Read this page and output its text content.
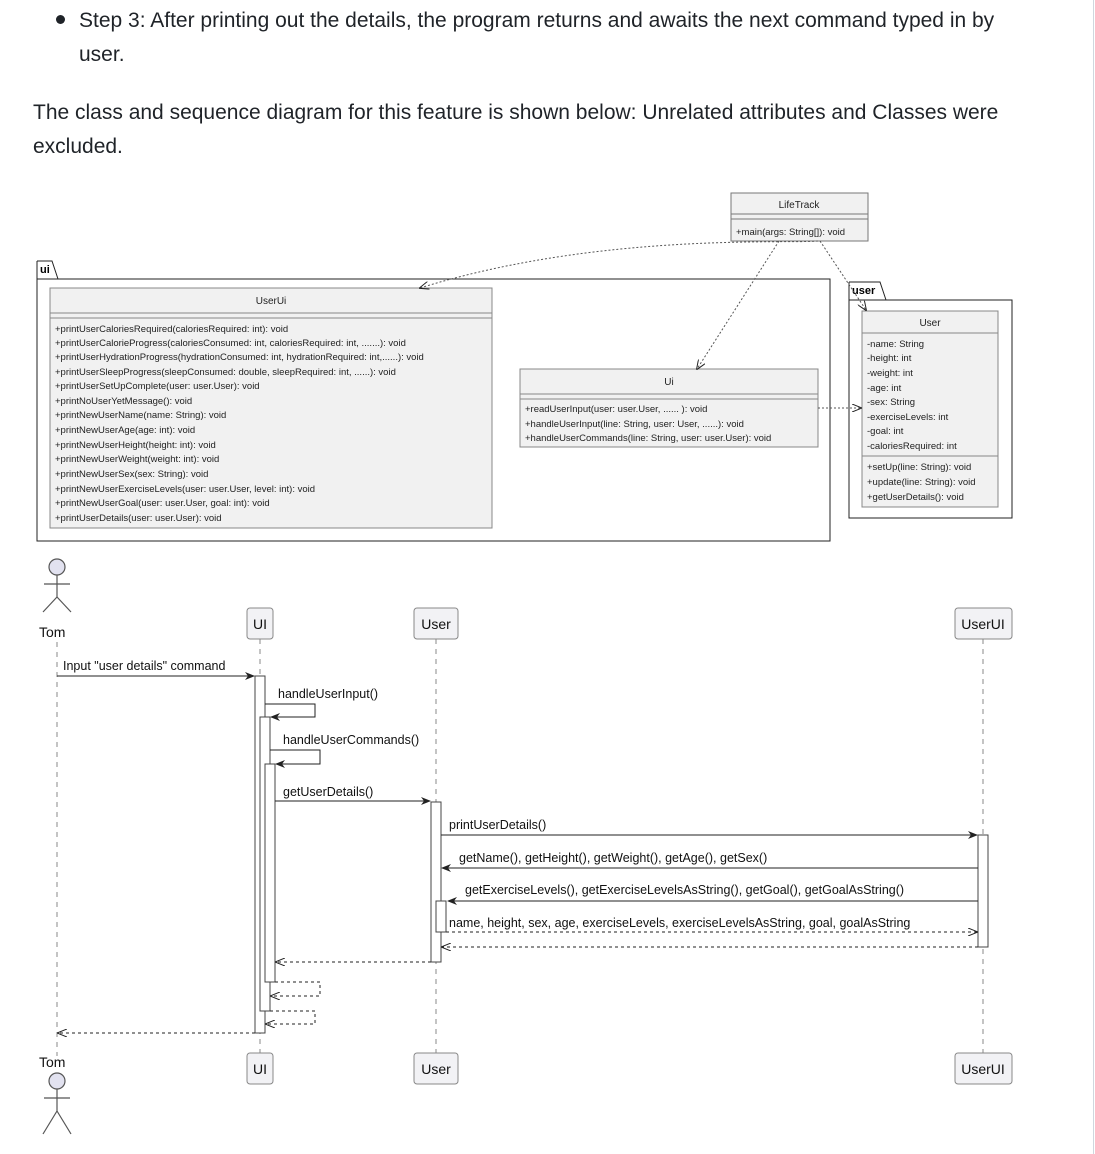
Step 3: After printing out the details, the program returns and awaits the next command typed in by user.
The class and sequence diagram for this feature is shown below: Unrelated attributes and Classes were excluded.
LifeTrack
+main(args: String[]): void
ui
UserUi
+printUserCaloriesRequired(caloriesRequired: int): void
+printUserCalorieProgress(caloriesConsumed: int, caloriesRequired: int, .......): void
+printUserHydrationProgress(hydrationConsumed: int, hydrationRequired: int,......): void
+printUserSleepProgress(sleepConsumed: double, sleepRequired: int, ......): void
+printUserSetUpComplete(user: user.User): void
+printNoUserYetMessage(): void
+printNewUserName(name: String): void
+printNewUserAge(age: int): void
+printNewUserHeight(height: int): void
+printNewUserWeight(weight: int): void
+printNewUserSex(sex: String): void
+printNewUserExerciseLevels(user: user.User, level: int): void
+printNewUserGoal(user: user.User, goal: int): void
+printUserDetails(user: user.User): void
Ui
+readUserInput(user: user.User, ...... ): void
+handleUserInput(line: String, user: User, ......): void
+handleUserCommands(line: String, user: user.User): void
user
User
-name: String
-height: int
-weight: int
-age: int
-sex: String
-exerciseLevels: int
-goal: int
-caloriesRequired: int
+setUp(line: String): void
+update(line: String): void
+getUserDetails(): void
Tom
Tom
UI	User	UserUI
UI	User	UserUI
Input "user details" command
handleUserInput()
handleUserCommands()
getUserDetails()
printUserDetails()
getName(), getHeight(), getWeight(), getAge(), getSex()
getExerciseLevels(), getExerciseLevelsAsString(), getGoal(), getGoalAsString()
name, height, sex, age, exerciseLevels, exerciseLevelsAsString, goal, goalAsString
